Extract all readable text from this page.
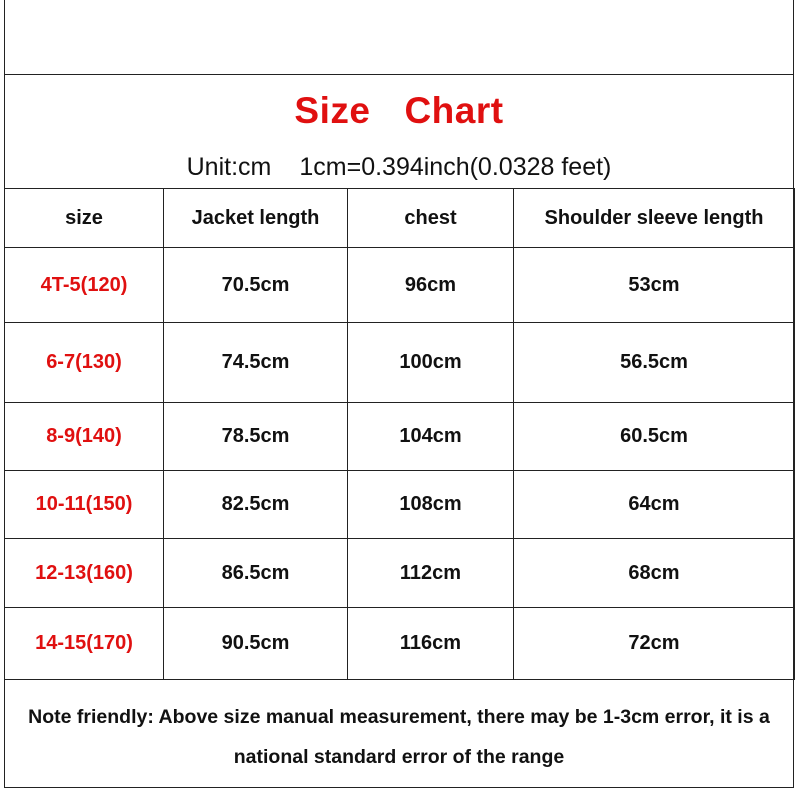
Size Chart
Unit:cm 1cm=0.394inch(0.0328 feet)
size	Jacket length	chest	Shoulder sleeve length
4T-5(120)	70.5cm	96cm	53cm
6-7(130)	74.5cm	100cm	56.5cm
8-9(140)	78.5cm	104cm	60.5cm
10-11(150)	82.5cm	108cm	64cm
12-13(160)	86.5cm	112cm	68cm
14-15(170)	90.5cm	116cm	72cm
Note friendly: Above size manual measurement, there may be 1-3cm error, it is a
national standard error of the range
